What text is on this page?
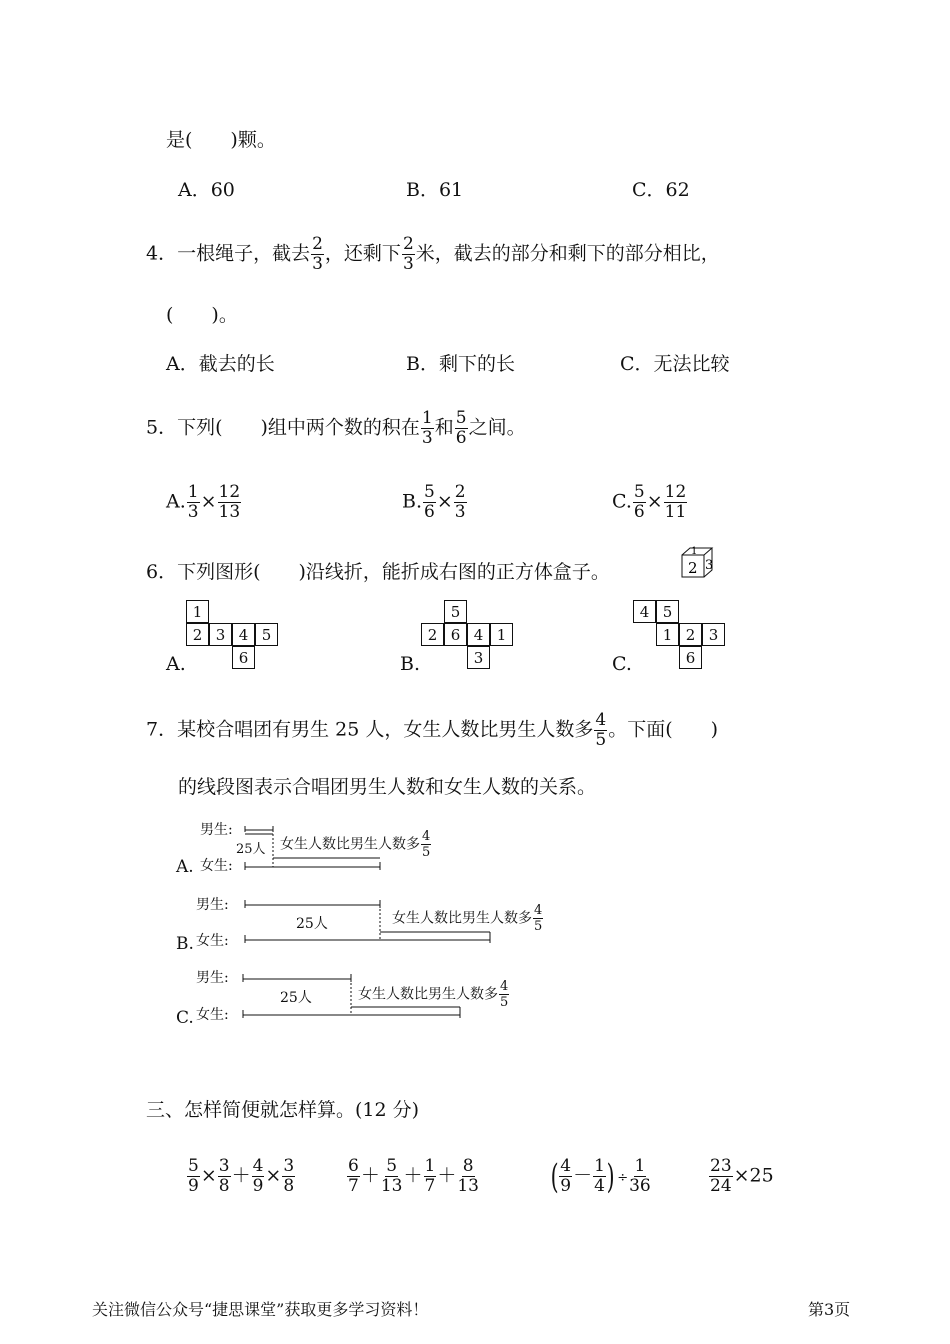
是(　　)颗。
A．60	B．61	C．62
4．一根绳子，截去 $\frac{2}{3}$ ，还剩下 $\frac{2}{3}$ 米，截去的部分和剩下的部分相比，
(　　)。
A．截去的长	B．剩下的长	C．无法比较
5．下列(　　)组中两个数的积在 $\frac{1}{3}$ 和 $\frac{5}{6}$ 之间。
A. $\frac{1}{3} \times \frac{12}{13}$	B. $\frac{5}{6} \times \frac{2}{3}$	C. $\frac{5}{6} \times \frac{12}{11}$
6．下列图形(　　)沿线折，能折成右图的正方体盒子。
1
2 3
1
2 3 4 5
6
A.
5
2 6 4 1
3
B.
4 5
1 2 3
6
C.
7．某校合唱团有男生 25 人，女生人数比男生人数多 $\frac{4}{5}$ 。下面(　　)
的线段图表示合唱团男生人数和女生人数的关系。
A.
男生:
女生:
25人 女生人数比男生人数多 $\frac{4}{5}$
B.
男生:
女生:
25人	女生人数比男生人数多 $\frac{4}{5}$
C.
男生:
女生:
25人	女生人数比男生人数多 $\frac{4}{5}$
三、怎样简便就怎样算。(12 分)
$\frac{5}{9} \times \frac{3}{8} + \frac{4}{9} \times \frac{3}{8}$	$\frac{6}{7} + \frac{5}{13} + \frac{1}{7} + \frac{8}{13}$ ( $\frac{4}{9} - \frac{1}{4}$ ) ÷ $\frac{1}{36}$	$\frac{23}{24} \times 25$
关注微信公众号“捷思课堂”获取更多学习资料！	第3页
